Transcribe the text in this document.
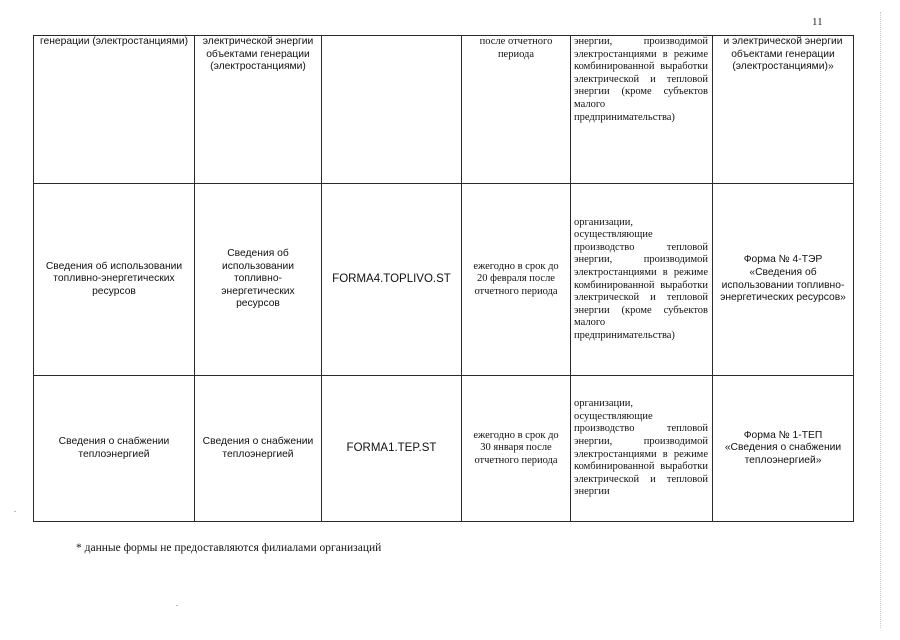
11
генерации (электростанциями)	электрической энергии объектами генерации (электростанциями)		после отчетного периода	энергии, производимой электростанциями в режиме комбинированной выработки электрической и тепловой энергии (кроме субъектов малого предпринимательства)	и электрической энергии объектами генерации (электростанциями)»
Сведения об использовании топливно-энергетических ресурсов	Сведения об использовании топливно-энергетических ресурсов	FORMA4.TOPLIVO.ST	ежегодно в срок до 20 февраля после отчетного периода	организации, осуществляющие производство тепловой энергии, производимой электростанциями в режиме комбинированной выработки электрической и тепловой энергии (кроме субъектов малого предпринимательства)	Форма № 4-ТЭР «Сведения об использовании топливно-энергетических ресурсов»
Сведения о снабжении теплоэнергией	Сведения о снабжении теплоэнергией	FORMA1.TEP.ST	ежегодно в срок до 30 января после отчетного периода	организации, осуществляющие производство тепловой энергии, производимой электростанциями в режиме комбинированной выработки электрической и тепловой энергии	Форма № 1-ТЕП «Сведения о снабжении теплоэнергией»
* данные формы не предоставляются филиалами организаций
